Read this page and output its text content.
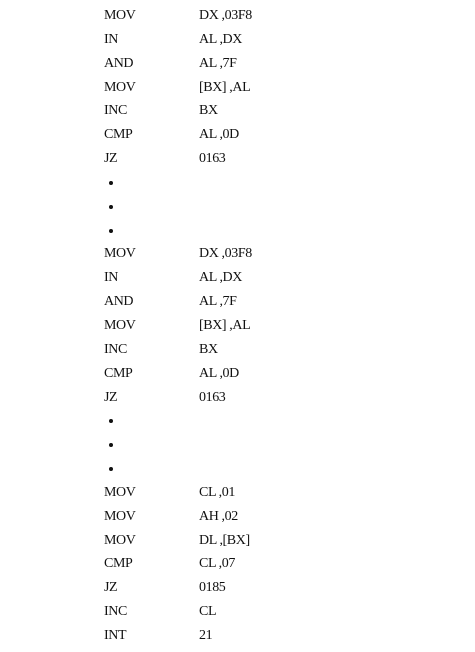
MOV	DX ,03F8
IN	AL ,DX
AND	AL ,7F
MOV	[BX] ,AL
INC	BX
CMP	AL ,0D
JZ	0163
MOV	DX ,03F8
IN	AL ,DX
AND	AL ,7F
MOV	[BX] ,AL
INC	BX
CMP	AL ,0D
JZ	0163
MOV	CL ,01
MOV	AH ,02
MOV	DL ,[BX]
CMP	CL ,07
JZ	0185
INC	CL
INT	21
